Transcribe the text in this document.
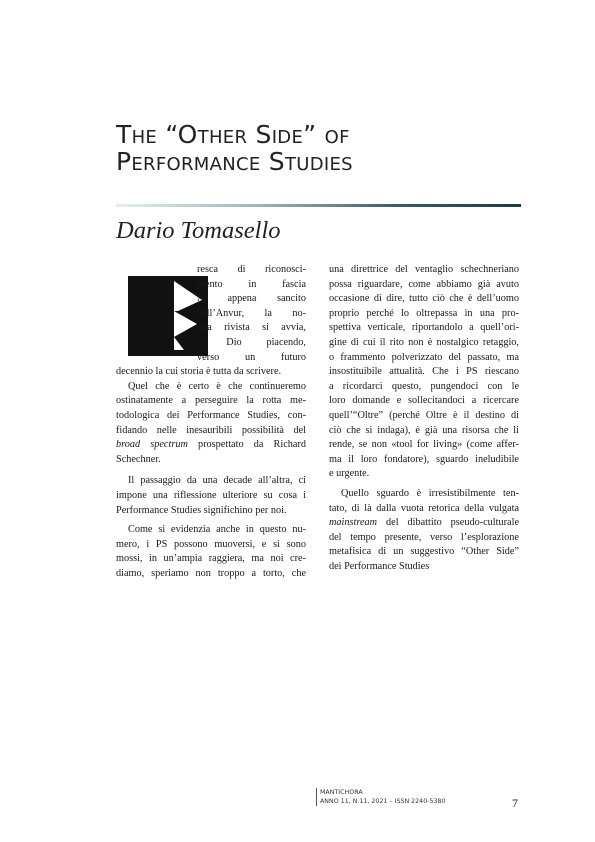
The “Other Side” of
Performance Studies
Dario Tomasello
resca di riconosci-
mento in fascia
A, appena sancito
dall’Anvur, la no-
stra rivista si avvia,
a Dio piacendo,
verso un futuro
decennio la cui storia è tutta da scrivere.
Quel che è certo è che continueremo
ostinatamente a perseguire la rotta me-
todologica dei Performance Studies, con-
fidando nelle inesauribili possibilità del
broad spectrum prospettato da Richard
Schechner.
Il passaggio da una decade all’altra, ci
impone una riflessione ulteriore su cosa i
Performance Studies significhino per noi.
Come si evidenzia anche in questo nu-
mero, i PS possono muoversi, e si sono
mossi, in un’ampia raggiera, ma noi cre-
diamo, speriamo non troppo a torto, che
una direttrice del ventaglio schechneriano
possa riguardare, come abbiamo già avuto
occasione di dire, tutto ciò che è dell’uomo
proprio perché lo oltrepassa in una pro-
spettiva verticale, riportandolo a quell’ori-
gine di cui il rito non è nostalgico retaggio,
o frammento polverizzato del passato, ma
insostituibile attualità. Che i PS riescano
a ricordarci questo, pungendoci con le
loro domande e sollecitandoci a ricercare
quell’“Oltre” (perché Oltre è il destino di
ciò che si indaga), è già una risorsa che li
rende, se non «tool for living» (come affer-
ma il loro fondatore), sguardo ineludibile
e urgente.
Quello sguardo è irresistibilmente ten-
tato, di là dalla vuota retorica della vulgata
mainstream del dibattito pseudo-culturale
del tempo presente, verso l’esplorazione
metafisica di un suggestivo “Other Side”
dei Performance Studies
MANTICHORA
ANNO 11, N.11, 2021 – ISSN 2240-5380	7
